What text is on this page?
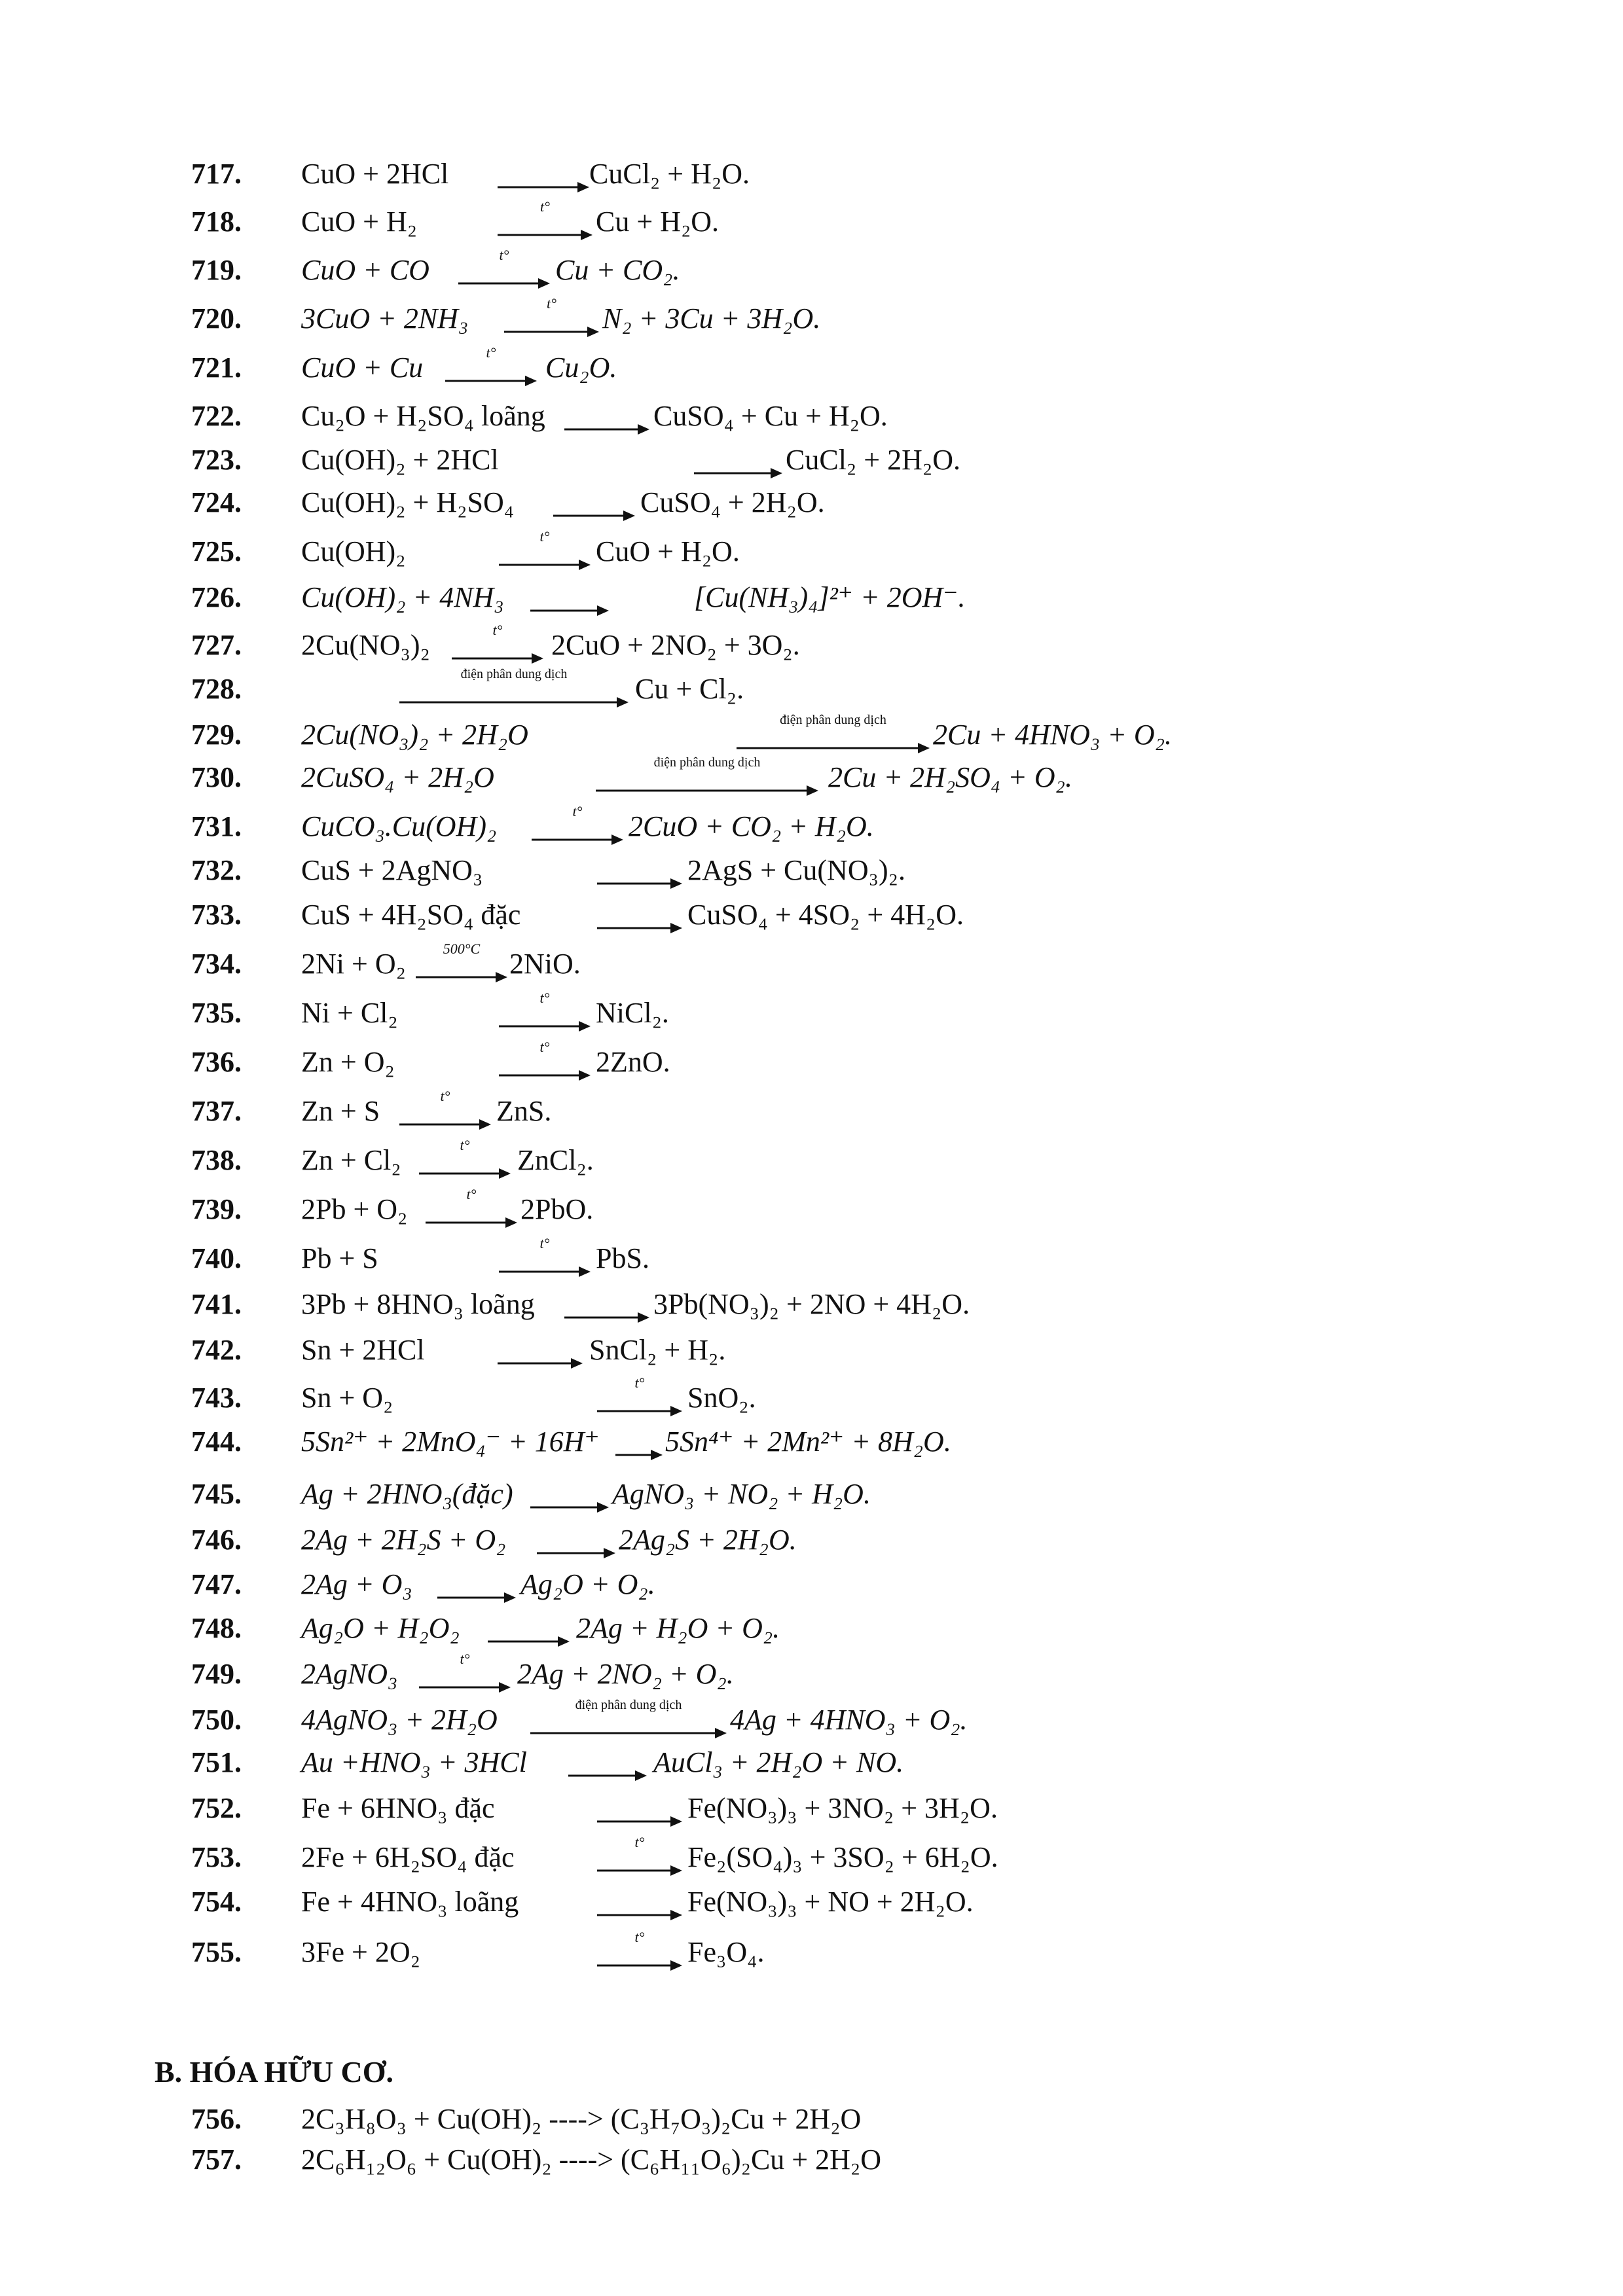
717.	CuO + 2HCl → CuCl₂ + H₂O.
718.	CuO + H₂	t°	Cu + H₂O.
719.	CuO + CO	t°	Cu + CO₂.
720.	3CuO + 2NH₃	t°	N₂ + 3Cu + 3H₂O.
721.	CuO + Cu	t°	Cu₂O.
722.	Cu₂O + H₂SO₄ loãng → CuSO₄ + Cu + H₂O.
723.	Cu(OH)₂ + 2HCl	→ CuCl₂ + 2H₂O.
724.	Cu(OH)₂ + H₂SO₄ → CuSO₄ + 2H₂O.
725.	Cu(OH)₂	t°	CuO + H₂O.
726.	Cu(OH)₂ + 4NH₃ →	[Cu(NH₃)₄]²⁺ + 2OH⁻.
727.	2Cu(NO₃)₂	t°	2CuO + 2NO₂ + 3O₂.
728.	điện phân dung dịch	Cu + Cl₂.
729.	2Cu(NO₃)₂ + 2H₂O	điện phân dung dịch	2Cu + 4HNO₃ + O₂.
730.	2CuSO₄ + 2H₂O	điện phân dung dịch	2Cu + 2H₂SO₄ + O₂.
731.	CuCO₃.Cu(OH)₂	t°	2CuO + CO₂ + H₂O.
732.	CuS + 2AgNO₃	→ 2AgS + Cu(NO₃)₂.
733.	CuS + 4H₂SO₄ đặc	→ CuSO₄ + 4SO₂ + 4H₂O.
734.	2Ni + O₂	500°C	2NiO.
735.	Ni + Cl₂	t°	NiCl₂.
736.	Zn + O₂	t°	2ZnO.
737.	Zn + S	t°	ZnS.
738.	Zn + Cl₂	t°	ZnCl₂.
739.	2Pb + O₂	t°	2PbO.
740.	Pb + S	t°	PbS.
741.	3Pb + 8HNO₃ loãng → 3Pb(NO₃)₂ + 2NO + 4H₂O.
742.	Sn + 2HCl	→ SnCl₂ + H₂.
743.	Sn + O₂	t°	SnO₂.
744.	5Sn²⁺ + 2MnO₄⁻ + 16H⁺ → 5Sn⁴⁺ + 2Mn²⁺ + 8H₂O.
745.	Ag + 2HNO₃(đặc) → AgNO₃ + NO₂ + H₂O.
746.	2Ag + 2H₂S + O₂ → 2Ag₂S + 2H₂O.
747.	2Ag + O₃ → Ag₂O + O₂.
748.	Ag₂O + H₂O₂ → 2Ag + H₂O + O₂.
749.	2AgNO₃	t°	2Ag + 2NO₂ + O₂.
750.	4AgNO₃ + 2H₂O	điện phân dung dịch	4Ag + 4HNO₃ + O₂.
751.	Au +HNO₃ + 3HCl → AuCl₃ + 2H₂O + NO.
752.	Fe + 6HNO₃ đặc	→ Fe(NO₃)₃ + 3NO₂ + 3H₂O.
753.	2Fe + 6H₂SO₄ đặc	t°	Fe₂(SO₄)₃ + 3SO₂ + 6H₂O.
754.	Fe + 4HNO₃ loãng	→ Fe(NO₃)₃ + NO + 2H₂O.
755.	3Fe + 2O₂	t°	Fe₃O₄.
B. HÓA HỮU CƠ.
756.	2C₃H₈O₃ + Cu(OH)₂ ----> (C₃H₇O₃)₂Cu + 2H₂O
757.	2C₆H₁₂O₆ + Cu(OH)₂ ----> (C₆H₁₁O₆)₂Cu + 2H₂O
